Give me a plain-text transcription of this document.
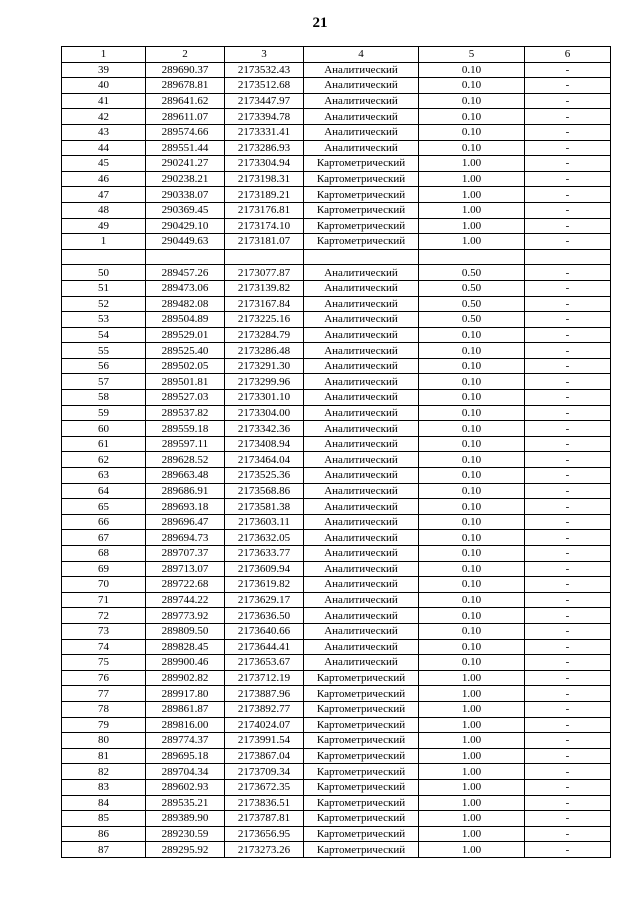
21
1	2	3	4	5	6
39	289690.37	2173532.43	Аналитический	0.10	-
40	289678.81	2173512.68	Аналитический	0.10	-
41	289641.62	2173447.97	Аналитический	0.10	-
42	289611.07	2173394.78	Аналитический	0.10	-
43	289574.66	2173331.41	Аналитический	0.10	-
44	289551.44	2173286.93	Аналитический	0.10	-
45	290241.27	2173304.94	Картометрический	1.00	-
46	290238.21	2173198.31	Картометрический	1.00	-
47	290338.07	2173189.21	Картометрический	1.00	-
48	290369.45	2173176.81	Картометрический	1.00	-
49	290429.10	2173174.10	Картометрический	1.00	-
1	290449.63	2173181.07	Картометрический	1.00	-

50	289457.26	2173077.87	Аналитический	0.50	-
51	289473.06	2173139.82	Аналитический	0.50	-
52	289482.08	2173167.84	Аналитический	0.50	-
53	289504.89	2173225.16	Аналитический	0.50	-
54	289529.01	2173284.79	Аналитический	0.10	-
55	289525.40	2173286.48	Аналитический	0.10	-
56	289502.05	2173291.30	Аналитический	0.10	-
57	289501.81	2173299.96	Аналитический	0.10	-
58	289527.03	2173301.10	Аналитический	0.10	-
59	289537.82	2173304.00	Аналитический	0.10	-
60	289559.18	2173342.36	Аналитический	0.10	-
61	289597.11	2173408.94	Аналитический	0.10	-
62	289628.52	2173464.04	Аналитический	0.10	-
63	289663.48	2173525.36	Аналитический	0.10	-
64	289686.91	2173568.86	Аналитический	0.10	-
65	289693.18	2173581.38	Аналитический	0.10	-
66	289696.47	2173603.11	Аналитический	0.10	-
67	289694.73	2173632.05	Аналитический	0.10	-
68	289707.37	2173633.77	Аналитический	0.10	-
69	289713.07	2173609.94	Аналитический	0.10	-
70	289722.68	2173619.82	Аналитический	0.10	-
71	289744.22	2173629.17	Аналитический	0.10	-
72	289773.92	2173636.50	Аналитический	0.10	-
73	289809.50	2173640.66	Аналитический	0.10	-
74	289828.45	2173644.41	Аналитический	0.10	-
75	289900.46	2173653.67	Аналитический	0.10	-
76	289902.82	2173712.19	Картометрический	1.00	-
77	289917.80	2173887.96	Картометрический	1.00	-
78	289861.87	2173892.77	Картометрический	1.00	-
79	289816.00	2174024.07	Картометрический	1.00	-
80	289774.37	2173991.54	Картометрический	1.00	-
81	289695.18	2173867.04	Картометрический	1.00	-
82	289704.34	2173709.34	Картометрический	1.00	-
83	289602.93	2173672.35	Картометрический	1.00	-
84	289535.21	2173836.51	Картометрический	1.00	-
85	289389.90	2173787.81	Картометрический	1.00	-
86	289230.59	2173656.95	Картометрический	1.00	-
87	289295.92	2173273.26	Картометрический	1.00	-
